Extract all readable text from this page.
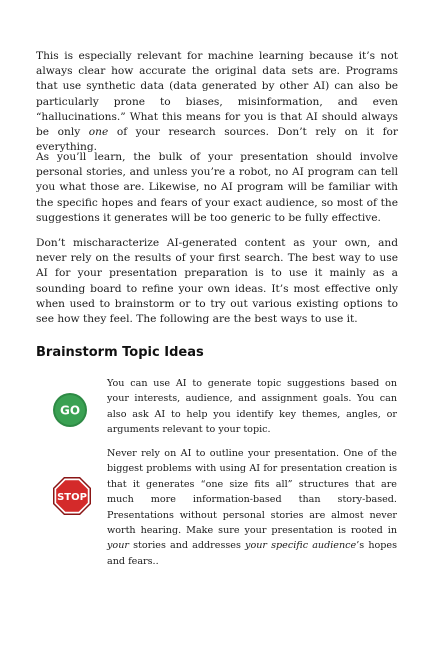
This is especially relevant for machine learning because it’s not always clear how accurate the original data sets are. Programs that use synthetic data (data generated by other AI) can also be particularly prone to biases, misinformation, and even “hallucinations.” What this means for you is that AI should always be only one of your research sources. Don’t rely on it for everything.

As you’ll learn, the bulk of your presentation should involve personal stories, and unless you’re a robot, no AI program can tell you what those are. Likewise, no AI program will be familiar with the specific hopes and fears of your exact audience, so most of the suggestions it generates will be too generic to be fully effective.

Don’t mischaracterize AI-generated content as your own, and never rely on the results of your first search. The best way to use AI for your presentation preparation is to use it mainly as a sounding board to refine your own ideas. It’s most effective only when used to brainstorm or to try out various existing options to see how they feel. The following are the best ways to use it.

Brainstorm Topic Ideas
GO

You can use AI to generate topic suggestions based on your interests, audience, and assignment goals. You can also ask AI to help you identify key themes, angles, or arguments relevant to your topic.

STOP

Never rely on AI to outline your presentation. One of the biggest problems with using AI for presentation creation is that it generates “one size fits all” structures that are much more information-based than story-based. Presentations without personal stories are almost never worth hearing. Make sure your presentation is rooted in your stories and addresses your specific audience’s hopes and fears..
